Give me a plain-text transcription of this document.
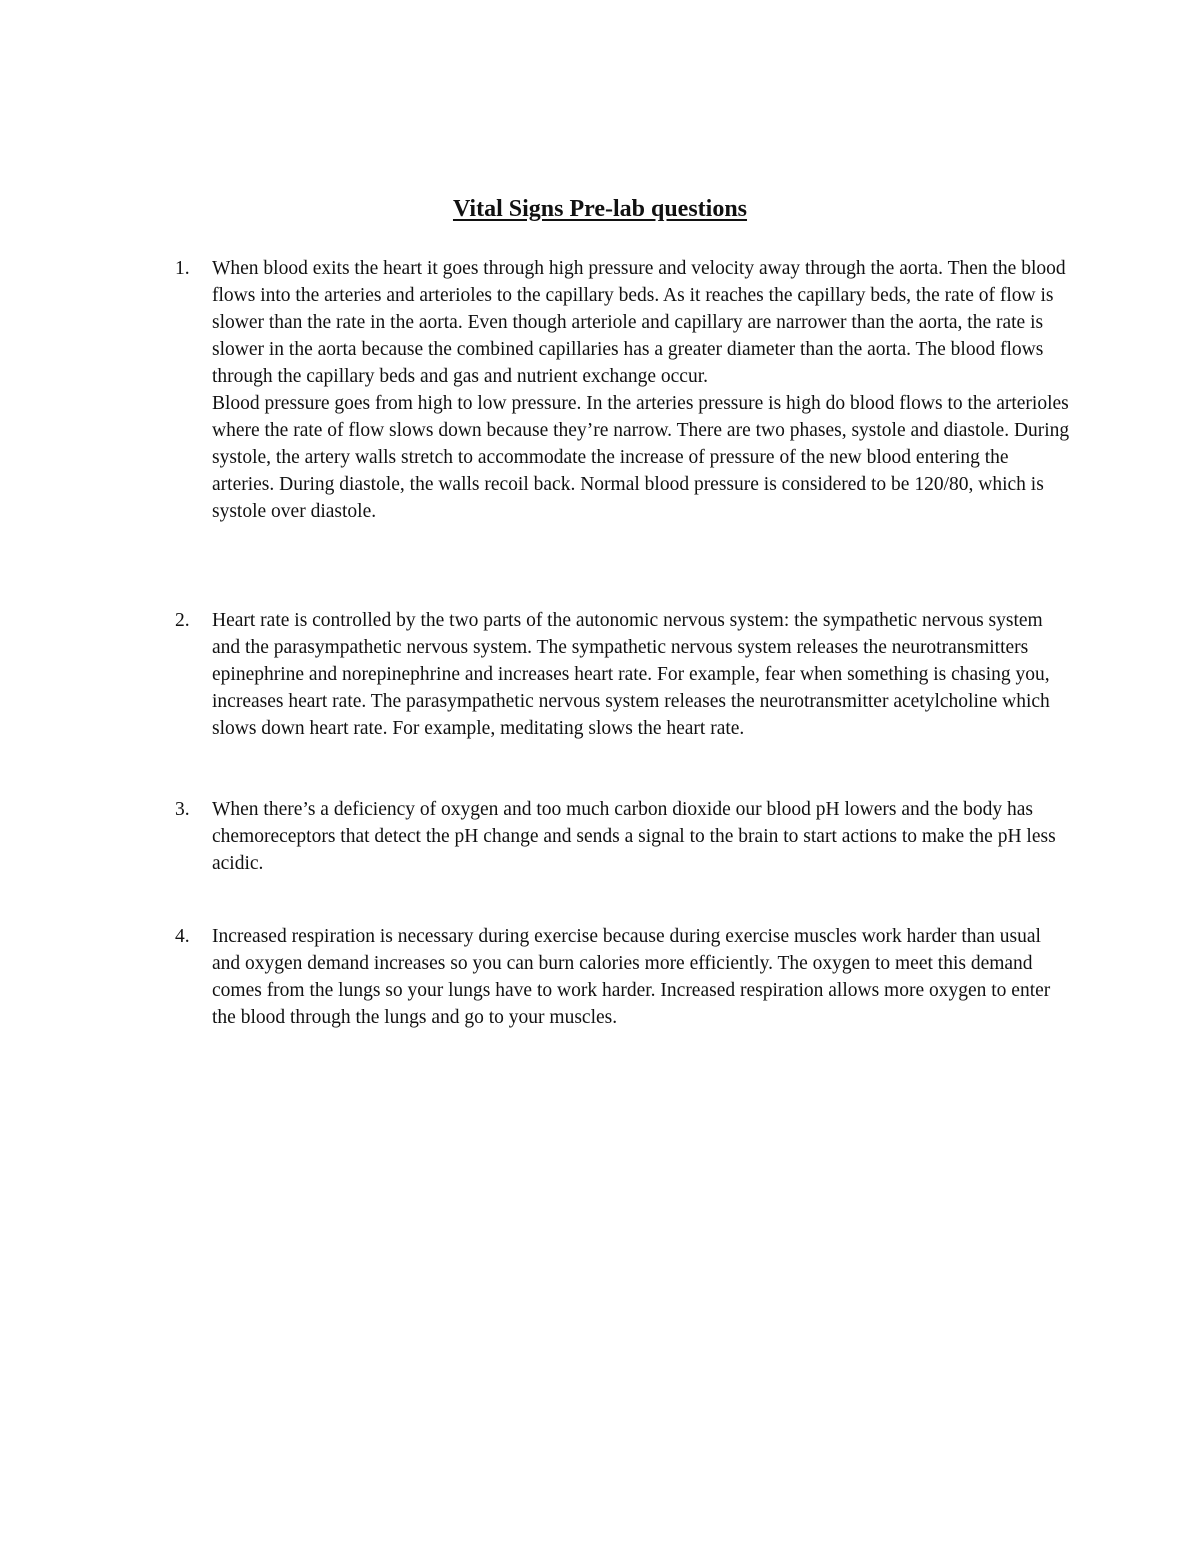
Vital Signs Pre-lab questions
1.	When blood exits the heart it goes through high pressure and velocity away through the aorta. Then the blood flows into the arteries and arterioles to the capillary beds. As it reaches the capillary beds, the rate of flow is slower than the rate in the aorta. Even though arteriole and capillary are narrower than the aorta, the rate is slower in the aorta because the combined capillaries has a greater diameter than the aorta. The blood flows through the capillary beds and gas and nutrient exchange occur.

Blood pressure goes from high to low pressure. In the arteries pressure is high do blood flows to the arterioles where the rate of flow slows down because they’re narrow. There are two phases, systole and diastole. During systole, the artery walls stretch to accommodate the increase of pressure of the new blood entering the arteries. During diastole, the walls recoil back. Normal blood pressure is considered to be 120/80, which is systole over diastole.

2.	Heart rate is controlled by the two parts of the autonomic nervous system: the sympathetic nervous system and the parasympathetic nervous system. The sympathetic nervous system releases the neurotransmitters epinephrine and norepinephrine and increases heart rate. For example, fear when something is chasing you, increases heart rate. The parasympathetic nervous system releases the neurotransmitter acetylcholine which slows down heart rate. For example, meditating slows the heart rate.

3.	When there’s a deficiency of oxygen and too much carbon dioxide our blood pH lowers and the body has chemoreceptors that detect the pH change and sends a signal to the brain to start actions to make the pH less acidic.

4.	Increased respiration is necessary during exercise because during exercise muscles work harder than usual and oxygen demand increases so you can burn calories more efficiently. The oxygen to meet this demand comes from the lungs so your lungs have to work harder. Increased respiration allows more oxygen to enter the blood through the lungs and go to your muscles.
